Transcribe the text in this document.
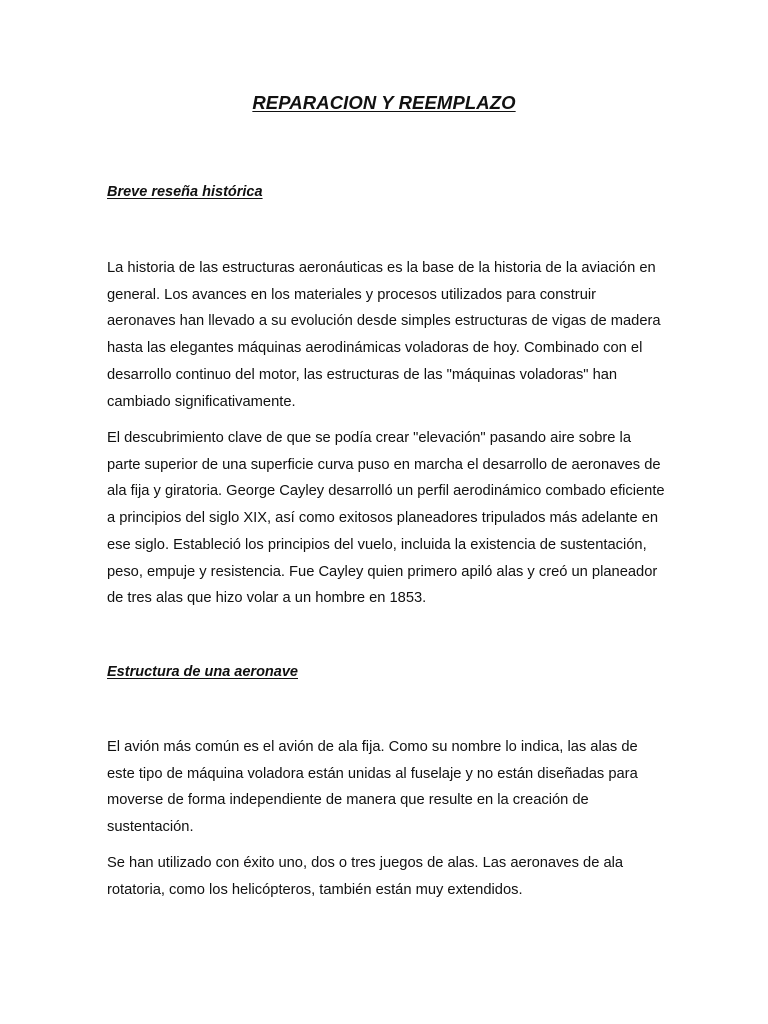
REPARACION Y REEMPLAZO
Breve reseña histórica

La historia de las estructuras aeronáuticas es la base de la historia de la aviación en general. Los avances en los materiales y procesos utilizados para construir aeronaves han llevado a su evolución desde simples estructuras de vigas de madera hasta las elegantes máquinas aerodinámicas voladoras de hoy. Combinado con el desarrollo continuo del motor, las estructuras de las "máquinas voladoras" han cambiado significativamente.

El descubrimiento clave de que se podía crear "elevación" pasando aire sobre la parte superior de una superficie curva puso en marcha el desarrollo de aeronaves de ala fija y giratoria. George Cayley desarrolló un perfil aerodinámico combado eficiente a principios del siglo XIX, así como exitosos planeadores tripulados más adelante en ese siglo. Estableció los principios del vuelo, incluida la existencia de sustentación, peso, empuje y resistencia. Fue Cayley quien primero apiló alas y creó un planeador de tres alas que hizo volar a un hombre en 1853.

Estructura de una aeronave

El avión más común es el avión de ala fija. Como su nombre lo indica, las alas de este tipo de máquina voladora están unidas al fuselaje y no están diseñadas para moverse de forma independiente de manera que resulte en la creación de sustentación.

Se han utilizado con éxito uno, dos o tres juegos de alas. Las aeronaves de ala rotatoria, como los helicópteros, también están muy extendidos.
